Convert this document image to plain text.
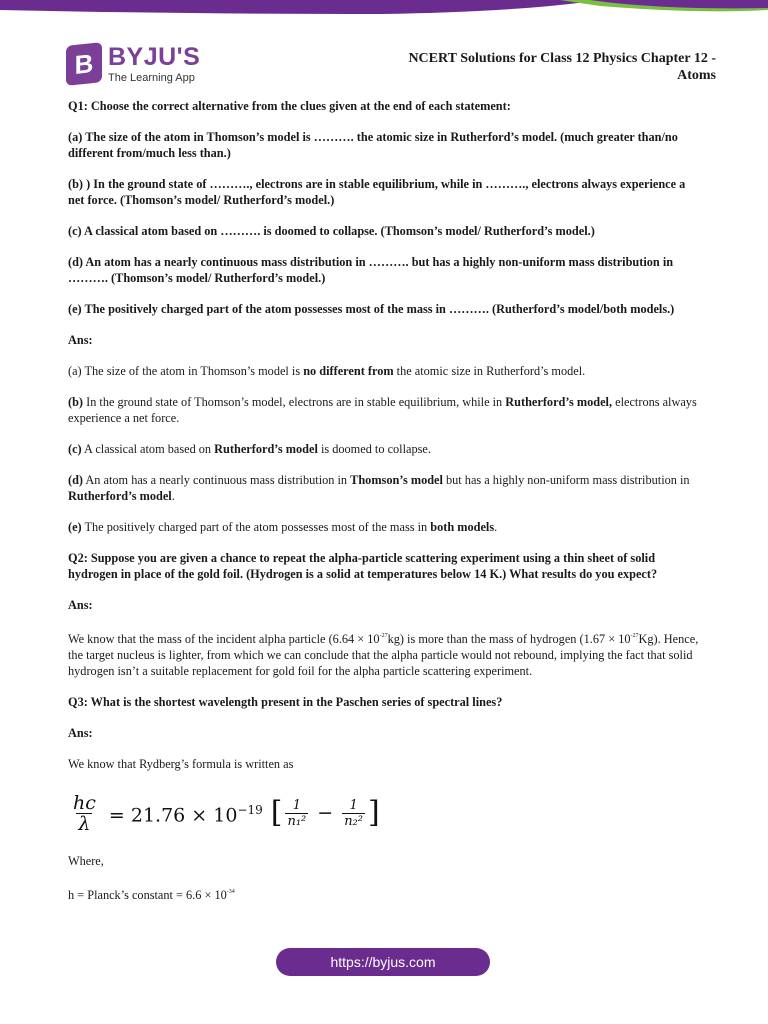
B BYJU'S
The Learning App
NCERT Solutions for Class 12 Physics Chapter 12 -
Atoms

Q1: Choose the correct alternative from the clues given at the end of each statement:

(a) The size of the atom in Thomson’s model is ………. the atomic size in Rutherford’s model. (much greater than/no different from/much less than.)

(b) ) In the ground state of ………., electrons are in stable equilibrium, while in ………., electrons always experience a net force. (Thomson’s model/ Rutherford’s model.)

(c) A classical atom based on ………. is doomed to collapse. (Thomson’s model/ Rutherford’s model.)

(d) An atom has a nearly continuous mass distribution in ………. but has a highly non-uniform mass distribution in ………. (Thomson’s model/ Rutherford’s model.)

(e) The positively charged part of the atom possesses most of the mass in ………. (Rutherford’s model/both models.)

Ans:

(a) The size of the atom in Thomson’s model is no different from the atomic size in Rutherford’s model.

(b) In the ground state of Thomson’s model, electrons are in stable equilibrium, while in Rutherford’s model, electrons always experience a net force.

(c) A classical atom based on Rutherford’s model is doomed to collapse.

(d) An atom has a nearly continuous mass distribution in Thomson’s model but has a highly non-uniform mass distribution in Rutherford’s model.

(e) The positively charged part of the atom possesses most of the mass in both models.

Q2: Suppose you are given a chance to repeat the alpha-particle scattering experiment using a thin sheet of solid hydrogen in place of the gold foil. (Hydrogen is a solid at temperatures below 14 K.) What results do you expect?

Ans:

We know that the mass of the incident alpha particle $(6.64 \times 10^{-27}kg)$ is more than the mass of hydrogen $(1.67 \times 10^{-27}Kg)$. Hence, the target nucleus is lighter, from which we can conclude that the alpha particle would not rebound, implying the fact that solid hydrogen isn’t a suitable replacement for gold foil for the alpha particle scattering experiment.

Q3: What is the shortest wavelength present in the Paschen series of spectral lines?

Ans:

We know that Rydberg’s formula is written as

$\frac{hc}{\lambda} = 21.76 \times 10^{-19}$ [ $\frac{1}{\text{n₁²}} - \frac{1}{\text{n₂²}}$ ]

Where,

h = Planck’s constant = $6.6 \times 10^{-34}$

https://byjus.com
